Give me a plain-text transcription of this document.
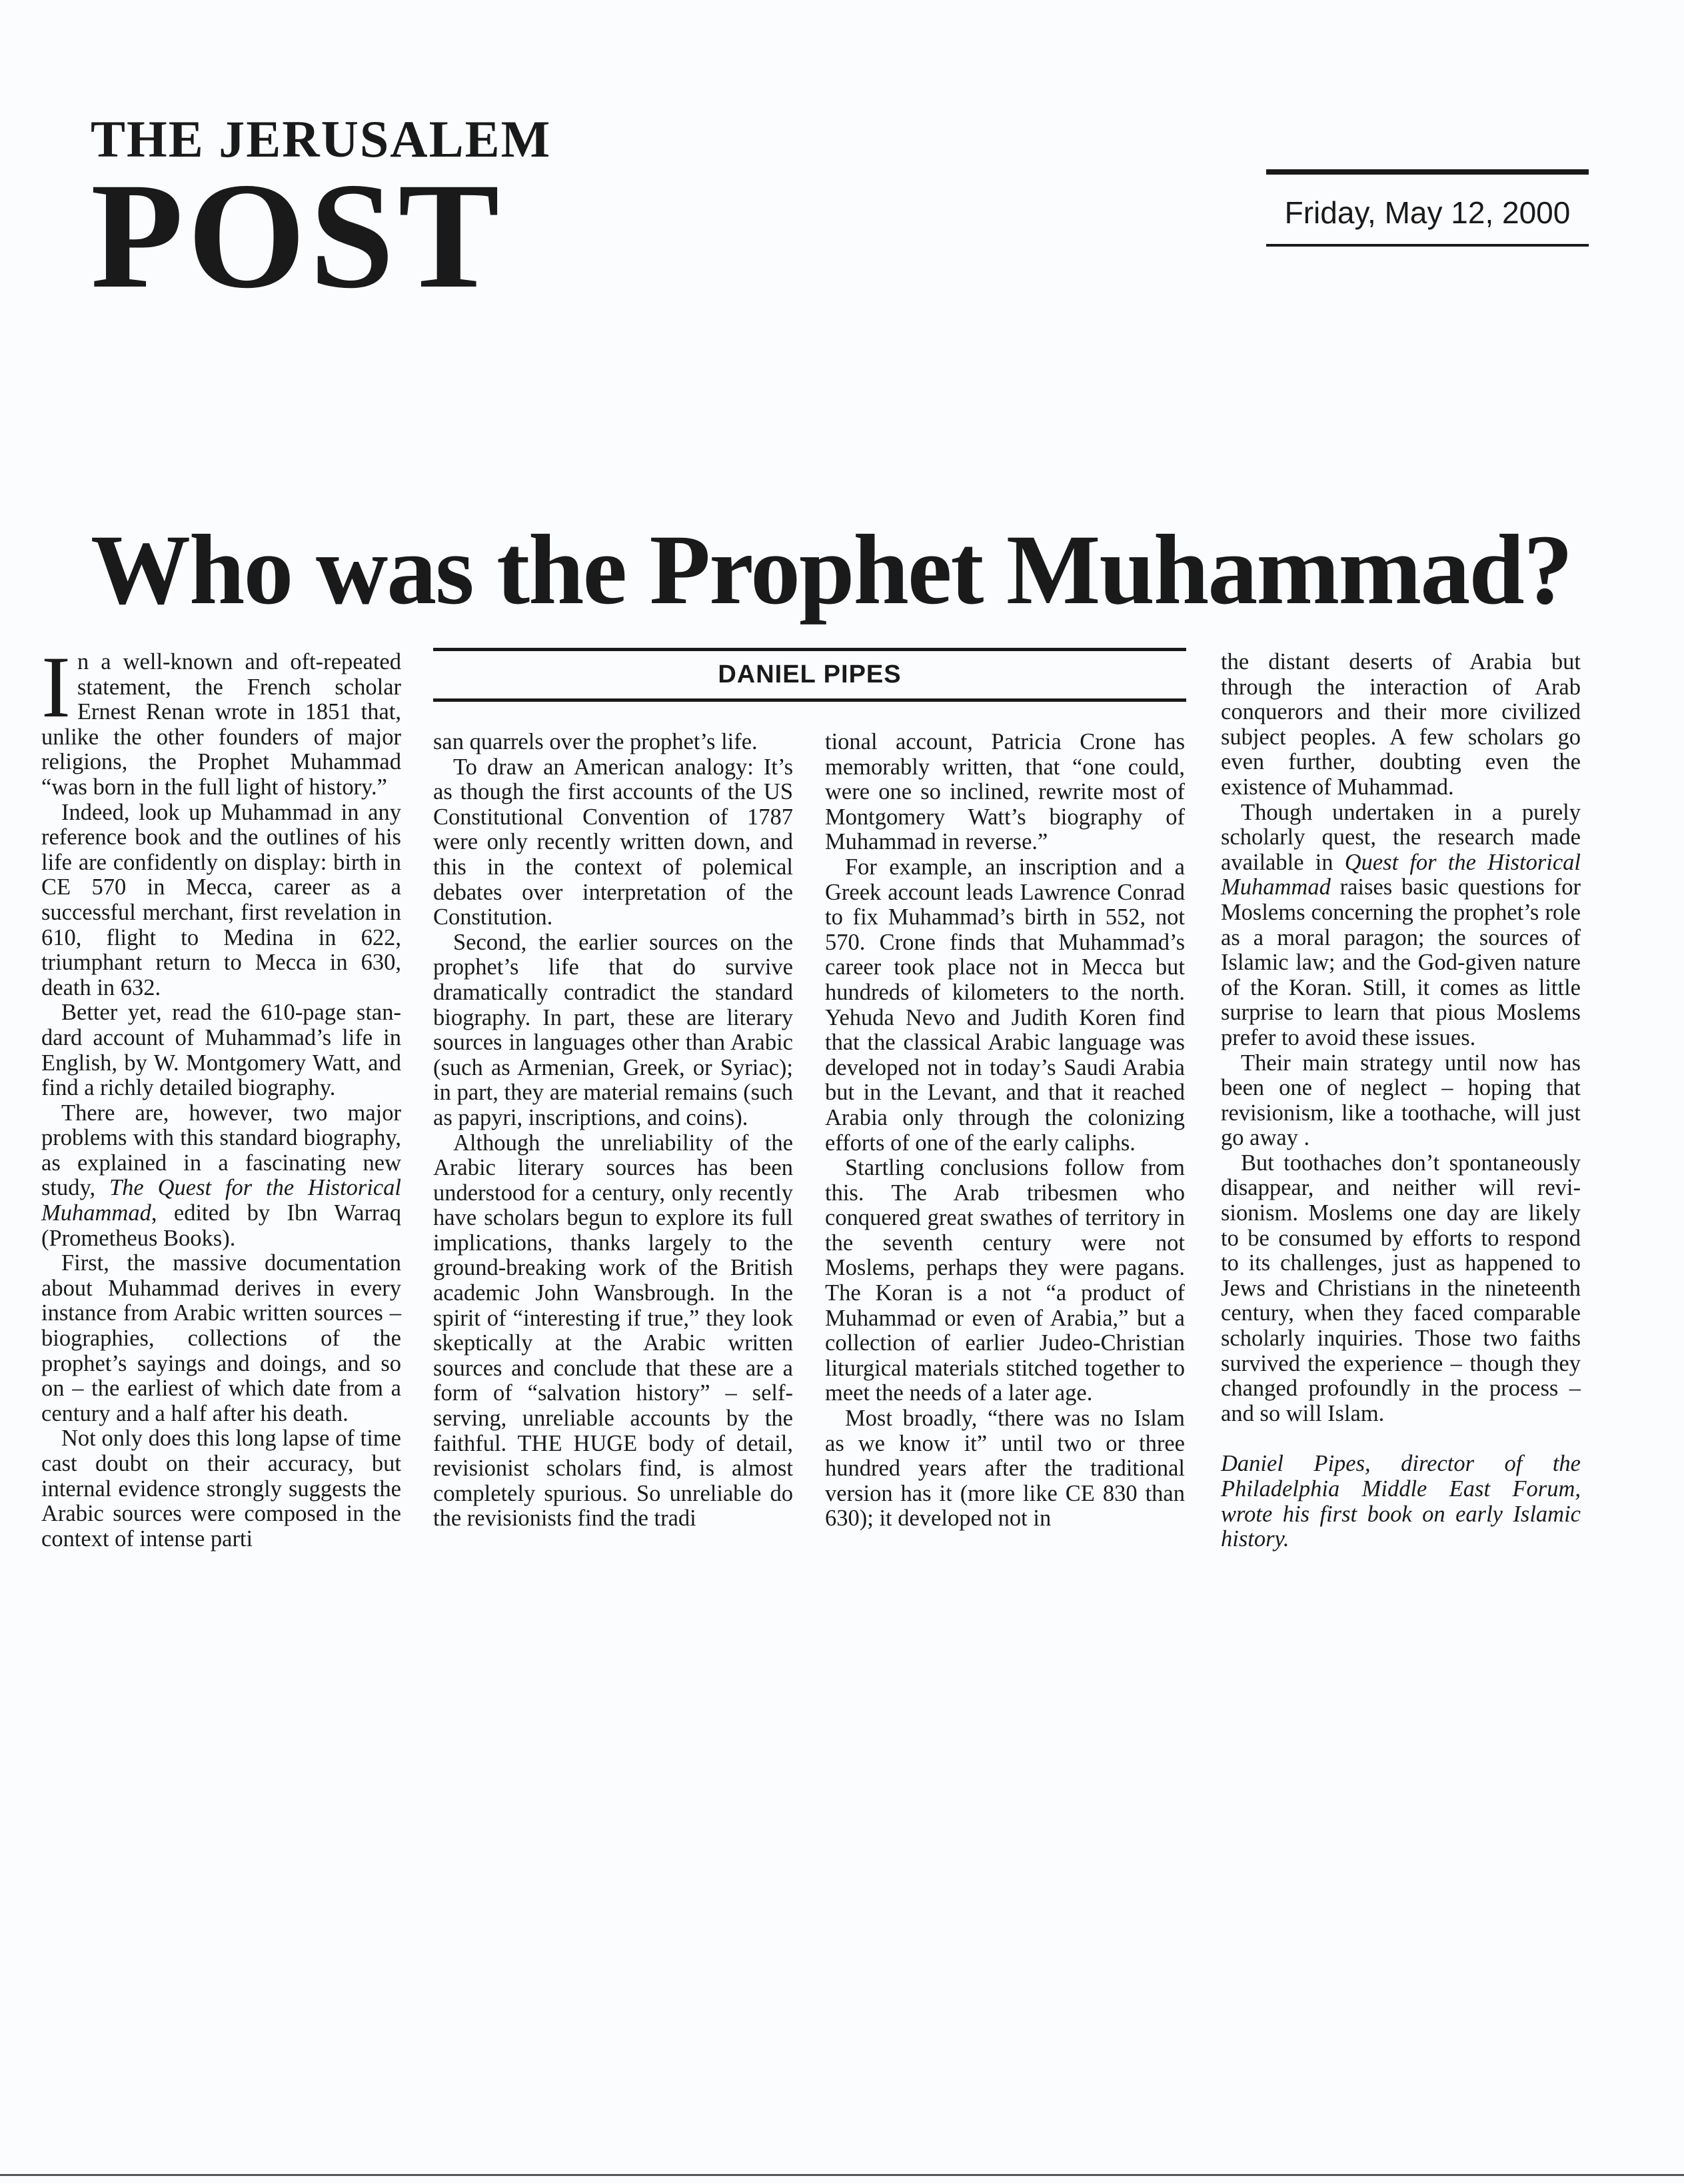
THE JERUSALEM
POST	Friday, May 12, 2000
Who was the Prophet Muhammad?
DANIEL PIPES

In a well-known and oft-repeated statement, the French scholar Ernest Renan wrote in 1851 that, unlike the other founders of major religions, the Prophet Muhammad “was born in the full light of history.”

Indeed, look up Muhammad in any reference book and the outlines of his life are confidently on display: birth in CE 570 in Mecca, career as a successful merchant, first revelation in 610, flight to Medina in 622, triumphant return to Mecca in 630, death in 632.

Better yet, read the 610-page standard account of Muhammad’s life in English, by W. Montgomery Watt, and find a richly detailed biography.

There are, however, two major problems with this standard biography, as explained in a fascinating new study, The Quest for the Historical Muhammad, edited by Ibn Warraq (Prometheus Books).

First, the massive documentation about Muhammad derives in every instance from Arabic written sources – biographies, collections of the prophet’s sayings and doings, and so on – the earliest of which date from a century and a half after his death.

Not only does this long lapse of time cast doubt on their accuracy, but internal evidence strongly suggests the Arabic sources were composed in the context of intense parti

san quarrels over the prophet’s life.

To draw an American analogy: It’s as though the first accounts of the US Constitutional Convention of 1787 were only recently written down, and this in the context of polemical debates over interpretation of the Constitution.

Second, the earlier sources on the prophet’s life that do survive dramatically contradict the standard biography. In part, these are literary sources in languages other than Arabic (such as Armenian, Greek, or Syriac); in part, they are material remains (such as papyri, inscriptions, and coins).

Although the unreliability of the Arabic literary sources has been understood for a century, only recently have scholars begun to explore its full implications, thanks largely to the ground-breaking work of the British academic John Wansbrough. In the spirit of “interesting if true,” they look skeptically at the Arabic written sources and conclude that these are a form of “salvation history” – self-serving, unreliable accounts by the faithful. THE HUGE body of detail, revisionist scholars find, is almost completely spurious. So unreliable do the revisionists find the tradi

tional account, Patricia Crone has memorably written, that “one could, were one so inclined, rewrite most of Montgomery Watt’s biography of Muhammad in reverse.”

For example, an inscription and a Greek account leads Lawrence Conrad to fix Muhammad’s birth in 552, not 570. Crone finds that Muhammad’s career took place not in Mecca but hundreds of kilometers to the north. Yehuda Nevo and Judith Koren find that the classical Arabic language was developed not in today’s Saudi Arabia but in the Levant, and that it reached Arabia only through the colonizing efforts of one of the early caliphs.

Startling conclusions follow from this. The Arab tribesmen who conquered great swathes of territory in the seventh century were not Moslems, perhaps they were pagans. The Koran is a not “a product of Muhammad or even of Arabia,” but a collection of earlier Judeo-Christian liturgical materials stitched together to meet the needs of a later age.

Most broadly, “there was no Islam as we know it” until two or three hundred years after the traditional version has it (more like CE 830 than 630); it developed not in

the distant deserts of Arabia but through the interaction of Arab conquerors and their more civilized subject peoples. A few scholars go even further, doubting even the existence of Muhammad.

Though undertaken in a purely scholarly quest, the research made available in Quest for the Historical Muhammad raises basic questions for Moslems concerning the prophet’s role as a moral paragon; the sources of Islamic law; and the God-given nature of the Koran. Still, it comes as little surprise to learn that pious Moslems prefer to avoid these issues.

Their main strategy until now has been one of neglect – hoping that revisionism, like a toothache, will just go away .

But toothaches don’t spontaneously disappear, and neither will revisionism. Moslems one day are likely to be consumed by efforts to respond to its challenges, just as happened to Jews and Christians in the nineteenth century, when they faced comparable scholarly inquiries. Those two faiths survived the experience – though they changed profoundly in the process – and so will Islam.

Daniel Pipes, director of the Philadelphia Middle East Forum, wrote his first book on early Islamic history.
